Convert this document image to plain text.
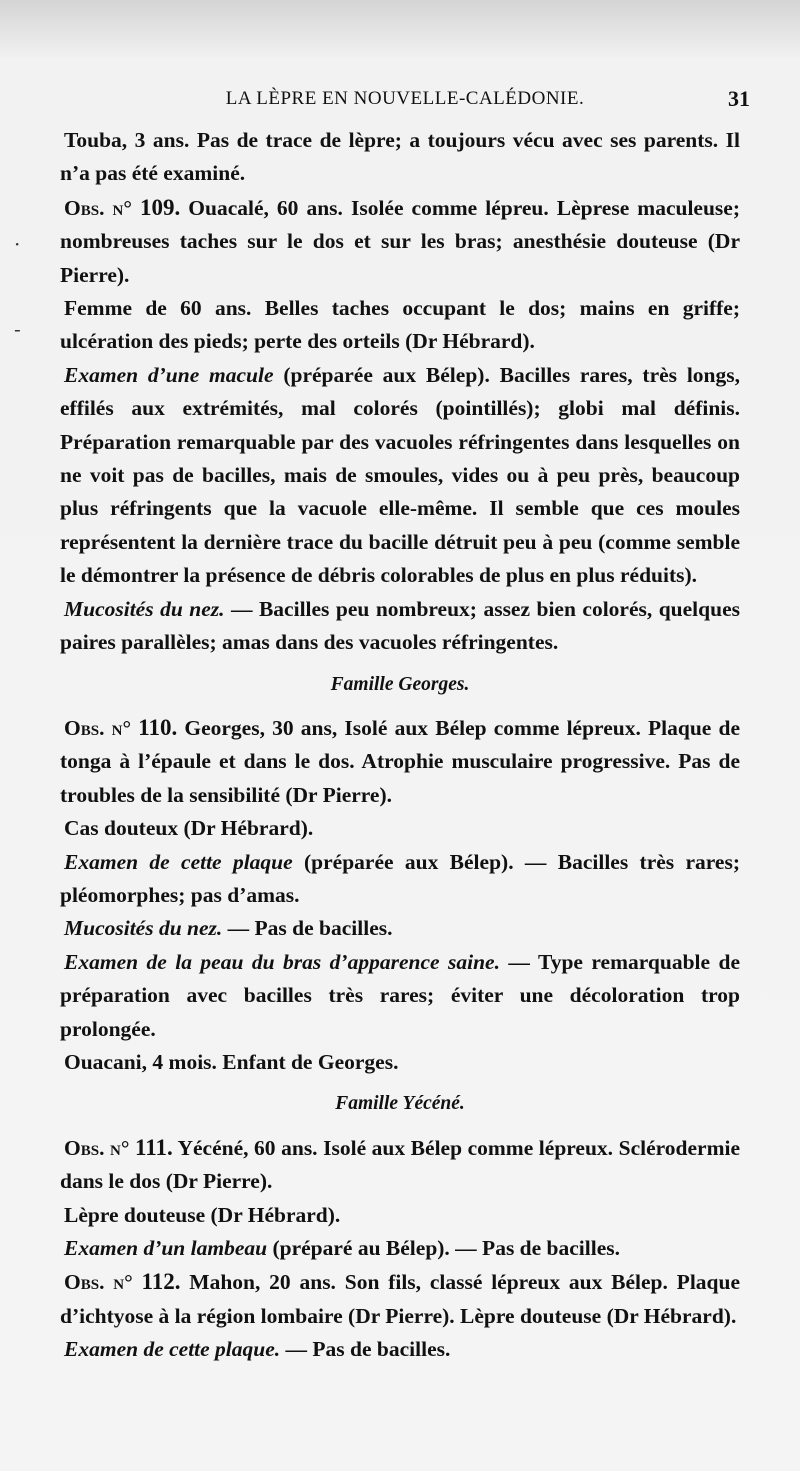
LA LÈPRE EN NOUVELLE-CALÉDONIE.	31
·
-

Touba, 3 ans. Pas de trace de lèpre; a toujours vécu avec ses parents. Il n’a pas été examiné.

Obs. n° 109. Ouacalé, 60 ans. Isolée comme lépreu. Lèprese maculeuse; nombreuses taches sur le dos et sur les bras; anesthésie douteuse (Dr Pierre).

Femme de 60 ans. Belles taches occupant le dos; mains en griffe; ulcération des pieds; perte des orteils (Dr Hébrard).

Examen d’une macule (préparée aux Bélep). Bacilles rares, très longs, effilés aux extrémités, mal colorés (pointillés); globi mal définis. Préparation remarquable par des vacuoles réfringentes dans lesquelles on ne voit pas de bacilles, mais de smoules, vides ou à peu près, beaucoup plus réfringents que la vacuole elle-même. Il semble que ces moules représentent la dernière trace du bacille détruit peu à peu (comme semble le démontrer la présence de débris colorables de plus en plus réduits).

Mucosités du nez. — Bacilles peu nombreux; assez bien colorés, quelques paires parallèles; amas dans des vacuoles réfringentes.

Famille Georges.

Obs. n° 110. Georges, 30 ans, Isolé aux Bélep comme lépreux. Plaque de tonga à l’épaule et dans le dos. Atrophie musculaire progressive. Pas de troubles de la sensibilité (Dr Pierre).

Cas douteux (Dr Hébrard).

Examen de cette plaque (préparée aux Bélep). — Bacilles très rares; pléomorphes; pas d’amas.

Mucosités du nez. — Pas de bacilles.

Examen de la peau du bras d’apparence saine. — Type remarquable de préparation avec bacilles très rares; éviter une décoloration trop prolongée.

Ouacani, 4 mois. Enfant de Georges.

Famille Yécéné.

Obs. n° 111. Yécéné, 60 ans. Isolé aux Bélep comme lépreux. Sclérodermie dans le dos (Dr Pierre).

Lèpre douteuse (Dr Hébrard).

Examen d’un lambeau (préparé au Bélep). — Pas de bacilles.

Obs. n° 112. Mahon, 20 ans. Son fils, classé lépreux aux Bélep. Plaque d’ichtyose à la région lombaire (Dr Pierre). Lèpre douteuse (Dr Hébrard).

Examen de cette plaque. — Pas de bacilles.
